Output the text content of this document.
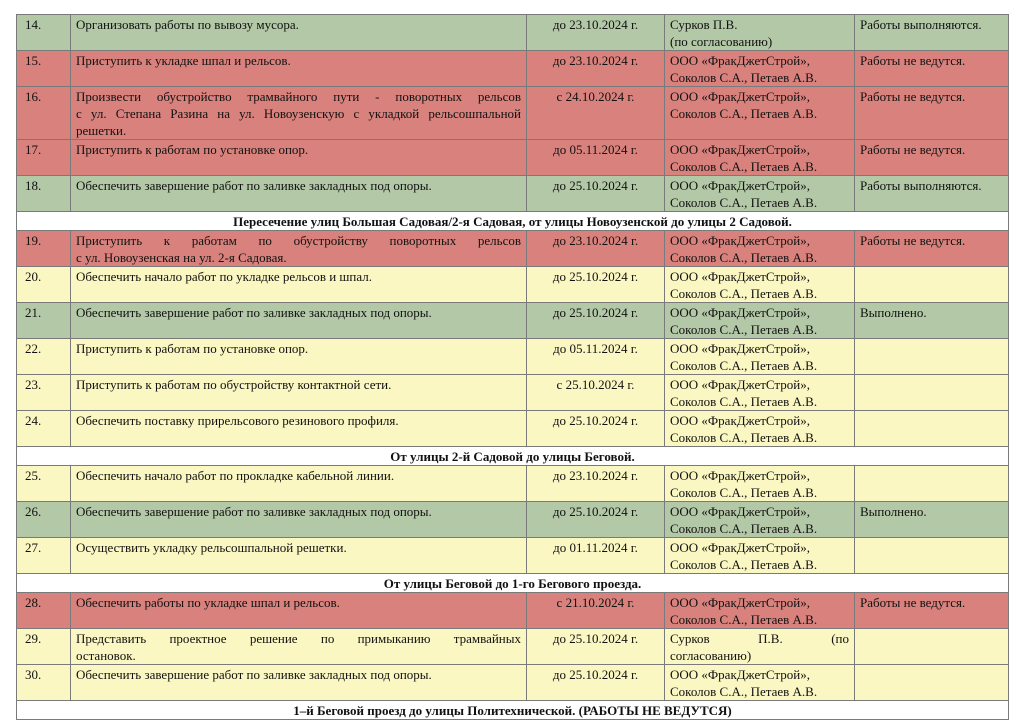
14.	Организовать работы по вывозу мусора.	до 23.10.2024 г.	Сурков П.В.
(по согласованию)	Работы выполняются.
15.	Приступить к укладке шпал и рельсов.	до 23.10.2024 г.	ООО «ФракДжетСтрой»,
Соколов С.А., Петаев А.В.	Работы не ведутся.
16.	Произвести обустройство трамвайного пути - поворотных рельсов
с ул. Степана Разина на ул. Новоузенскую с укладкой рельсошпальной
решетки.	с 24.10.2024 г.	ООО «ФракДжетСтрой»,
Соколов С.А., Петаев А.В.	Работы не ведутся.
17.	Приступить к работам по установке опор.	до 05.11.2024 г.	ООО «ФракДжетСтрой»,
Соколов С.А., Петаев А.В.	Работы не ведутся.
18.	Обеспечить завершение работ по заливке закладных под опоры.	до 25.10.2024 г.	ООО «ФракДжетСтрой»,
Соколов С.А., Петаев А.В.	Работы выполняются.
Пересечение улиц Большая Садовая/2-я Садовая, от улицы Новоузенской до улицы 2 Садовой.				
19.	Приступить к работам по обустройству поворотных рельсов
с ул. Новоузенская на ул. 2-я Садовая.	до 23.10.2024 г.	ООО «ФракДжетСтрой»,
Соколов С.А., Петаев А.В.	Работы не ведутся.
20.	Обеспечить начало работ по укладке рельсов и шпал.	до 25.10.2024 г.	ООО «ФракДжетСтрой»,
Соколов С.А., Петаев А.В.	

21.	Обеспечить завершение работ по заливке закладных под опоры.	до 25.10.2024 г.	ООО «ФракДжетСтрой»,
Соколов С.А., Петаев А.В.	Выполнено.
22.	Приступить к работам по установке опор.	до 05.11.2024 г.	ООО «ФракДжетСтрой»,
Соколов С.А., Петаев А.В.	

23.	Приступить к работам по обустройству контактной сети.	с 25.10.2024 г.	ООО «ФракДжетСтрой»,
Соколов С.А., Петаев А.В.	

24.	Обеспечить поставку прирельсового резинового профиля.	до 25.10.2024 г.	ООО «ФракДжетСтрой»,
Соколов С.А., Петаев А.В.	

От улицы 2-й Садовой до улицы Беговой.				
25.	Обеспечить начало работ по прокладке кабельной линии.	до 23.10.2024 г.	ООО «ФракДжетСтрой»,
Соколов С.А., Петаев А.В.	

26.	Обеспечить завершение работ по заливке закладных под опоры.	до 25.10.2024 г.	ООО «ФракДжетСтрой»,
Соколов С.А., Петаев А.В.	Выполнено.
27.	Осуществить укладку рельсошпальной решетки.	до 01.11.2024 г.	ООО «ФракДжетСтрой»,
Соколов С.А., Петаев А.В.	

От улицы Беговой до 1-го Бегового проезда.				
28.	Обеспечить работы по укладке шпал и рельсов.	с 21.10.2024 г.	ООО «ФракДжетСтрой»,
Соколов С.А., Петаев А.В.	Работы не ведутся.
29.	Представить проектное решение по примыканию трамвайных
остановок.	до 25.10.2024 г.	Сурков П.В. (по
согласованию)	

30.	Обеспечить завершение работ по заливке закладных под опоры.	до 25.10.2024 г.	ООО «ФракДжетСтрой»,
Соколов С.А., Петаев А.В.	

1–й Беговой проезд до улицы Политехнической. (РАБОТЫ НЕ ВЕДУТСЯ)				
